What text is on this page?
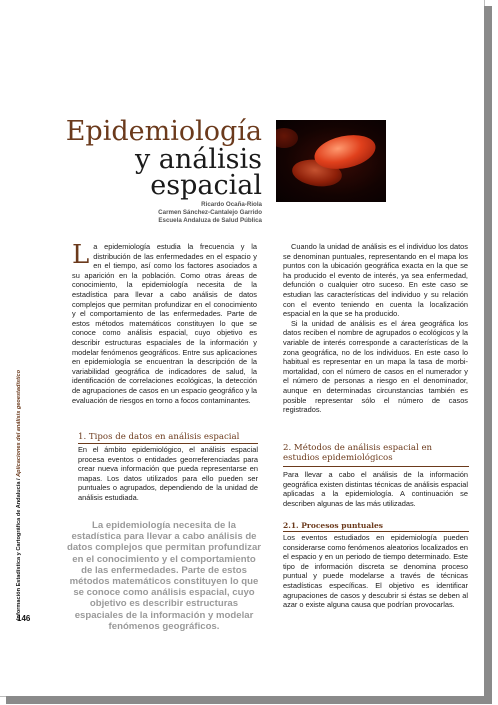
Epidemiología
y análisis
espacial
Ricardo Ocaña-Riola
Carmen Sánchez-Cantalejo Garrido
Escuela Andaluza de Salud Pública

La epidemiología estudia la frecuencia y la distribución de las enfermedades en el espacio y en el tiempo, así como los factores asociados a su aparición en la población. Como otras áreas de conocimiento, la epidemiología necesita de la estadística para llevar a cabo análisis de datos complejos que permitan profundizar en el conocimiento y el comportamiento de las enfermedades. Parte de estos métodos matemáticos constituyen lo que se conoce como análisis espacial, cuyo objetivo es describir estructuras espaciales de la información y modelar fenómenos geográficos. Entre sus aplicaciones en epidemiología se encuentran la descripción de la variabilidad geográfica de indicadores de salud, la identificación de correlaciones ecológicas, la detección de agrupaciones de casos en un espacio geográfico y la evaluación de riesgos en torno a focos contaminantes.

1. Tipos de datos en análisis espacial

En el ámbito epidemiológico, el análisis espacial procesa eventos o entidades georreferenciadas para crear nueva información que pueda representarse en mapas. Los datos utilizados para ello pueden ser puntuales o agrupados, dependiendo de la unidad de análisis estudiada.

La epidemiología necesita de la estadística para llevar a cabo análisis de datos complejos que permitan profundizar en el conocimiento y el comportamiento de las enfermedades. Parte de estos métodos matemáticos constituyen lo que se conoce como análisis espacial, cuyo objetivo es describir estructuras espaciales de la información y modelar fenómenos geográficos.

Cuando la unidad de análisis es el individuo los datos se denominan puntuales, representando en el mapa los puntos con la ubicación geográfica exacta en la que se ha producido el evento de interés, ya sea enfermedad, defunción o cualquier otro suceso. En este caso se estudian las características del individuo y su relación con el evento teniendo en cuenta la localización espacial en la que se ha producido.

Si la unidad de análisis es el área geográfica los datos reciben el nombre de agrupados o ecológicos y la variable de interés corresponde a características de la zona geográfica, no de los individuos. En este caso lo habitual es representar en un mapa la tasa de morbi-mortalidad, con el número de casos en el numerador y el número de personas a riesgo en el denominador, aunque en determinadas circunstancias también es posible representar sólo el número de casos registrados.

2. Métodos de análisis espacial en estudios epidemiológicos

Para llevar a cabo el análisis de la información geográfica existen distintas técnicas de análisis espacial aplicadas a la epidemiología. A continuación se describen algunas de las más utilizadas.

2.1. Procesos puntuales

Los eventos estudiados en epidemiología pueden considerarse como fenómenos aleatorios localizados en el espacio y en un periodo de tiempo determinado. Este tipo de información discreta se denomina proceso puntual y puede modelarse a través de técnicas estadísticas específicas. El objetivo es identificar agrupaciones de casos y descubrir si éstas se deben al azar o existe alguna causa que podrían provocarlas.

Información Estadística y Cartográfica de Andalucía / Aplicaciones del análisis geoestadístico
146
